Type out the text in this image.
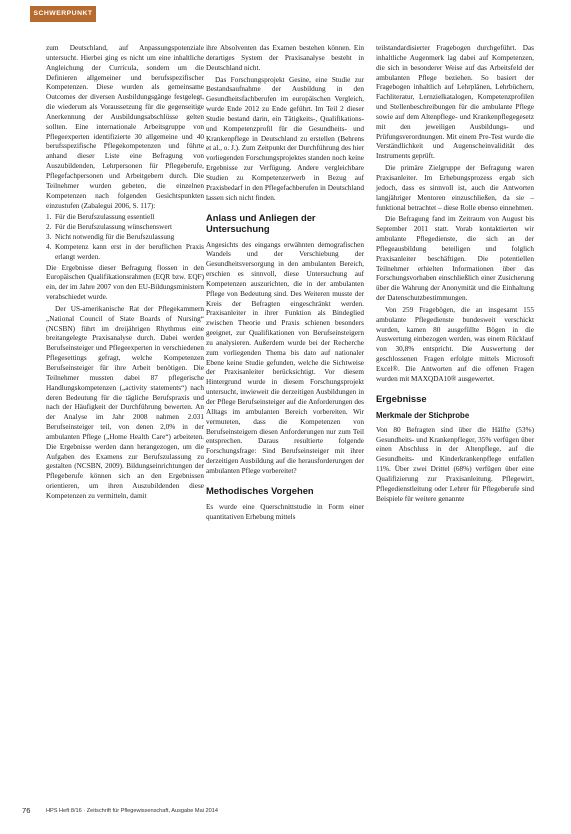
SCHWERPUNKT

zum Deutschland, auf Anpassungspotenziale untersucht. Hierbei ging es nicht um eine inhaltliche Angleichung der Curricula, sondern um die Definieren allgemeiner und berufsspezifischer Kompetenzen. Diese wurden als gemeinsame Outcomes der diversen Ausbildungsgänge festgelegt, die wiederum als Voraussetzung für die gegenseitige Anerkennung der Ausbildungsabschlüsse gelten sollten. Eine internationale Arbeitsgruppe von Pflegeexperten identifizierte 30 allgemeine und 40 berufsspezifische Pflegekompetenzen und führte anhand dieser Liste eine Befragung von Auszubildenden, Lehrpersonen für Pflegeberufe, Pflegefachpersonen und Arbeitgebern durch. Die Teilnehmer wurden gebeten, die einzelnen Kompetenzen nach folgenden Gesichtspunkten einzustufen (Zabalegui 2006, S. 117):

1. Für die Berufszulassung essentiell
2. Für die Berufszulassung wünschenswert
3. Nicht notwendig für die Berufszulassung
4. Kompetenz kann erst in der beruflichen Praxis erlangt werden.

Die Ergebnisse dieser Befragung flossen in den Europäischen Qualifikationsrahmen (EQR bzw. EQF) ein, der im Jahre 2007 von den EU-Bildungsministern verabschiedet wurde.

Der US-amerikanische Rat der Pflegekammern „National Council of State Boards of Nursing“ (NCSBN) führt im dreijährigen Rhythmus eine breitangelegte Praxisanalyse durch. Dabei werden Berufseinsteiger und Pflegeexperten in verschiedenen Pflegesettings gefragt, welche Kompetenzen Berufseinsteiger für ihre Arbeit benötigen. Die Teilnehmer mussten dabei 87 pflegerische Handlungskompetenzen („activity statements“) nach deren Bedeutung für die tägliche Berufspraxis und nach der Häufigkeit der Durchführung bewerten. An der Analyse im Jahr 2008 nahmen 2.031 Berufseinsteiger teil, von denen 2,0% in der ambulanten Pflege („Home Health Care“) arbeiteten. Die Ergebnisse werden dann herangezogen, um die Aufgaben des Examens zur Berufszulassung zu gestalten (NCSBN, 2009). Bildungseinrichtungen der Pflegeberufe können sich an den Ergebnissen orientieren, um ihren Auszubildenden diese Kompetenzen zu vermitteln, damit

ihre Absolventen das Examen bestehen können. Ein derartiges System der Praxisanalyse besteht in Deutschland nicht.

Das Forschungsprojekt Gesine, eine Studie zur Bestandsaufnahme der Ausbildung in den Gesundheitsfachberufen im europäischen Vergleich, wurde Ende 2012 zu Ende geführt. Im Teil 2 dieser Studie bestand darin, ein Tätigkeits-, Qualifikations- und Kompetenzprofil für die Gesundheits- und Krankenpflege in Deutschland zu erstellen (Behrens et al., o. J.). Zum Zeitpunkt der Durchführung des hier vorliegenden Forschungsprojektes standen noch keine Ergebnisse zur Verfügung. Andere vergleichbare Studien zu Kompetenzerwerb in Bezug auf Praxisbedarf in den Pflegefachberufen in Deutschland lassen sich nicht finden.

Anlass und Anliegen der Untersuchung

Angesichts des eingangs erwähnten demografischen Wandels und der Verschiebung der Gesundheitsversorgung in den ambulanten Bereich, erschien es sinnvoll, diese Untersuchung auf Kompetenzen auszurichten, die in der ambulanten Pflege von Bedeutung sind. Des Weiteren musste der Kreis der Befragten eingeschränkt werden. Praxisanleiter in ihrer Funktion als Bindeglied zwischen Theorie und Praxis schienen besonders geeignet, zur Qualifikationen von Berufseinsteigern zu analysieren. Außerdem wurde bei der Recherche zum vorliegenden Thema bis dato auf nationaler Ebene keine Studie gefunden, welche die Sichtweise der Praxisanleiter berücksichtigt. Vor diesem Hintergrund wurde in diesem Forschungsprojekt untersucht, inwieweit die derzeitigen Ausbildungen in der Pflege Berufseinsteiger auf die Anforderungen des Alltags im ambulanten Bereich vorbereiten. Wir vermuteten, dass die Kompetenzen von Berufseinsteigern diesen Anforderungen nur zum Teil entsprechen. Daraus resultierte folgende Forschungsfrage: Sind Berufseinsteiger mit ihrer derzeitigen Ausbildung auf die herausforderungen der ambulanten Pflege vorbereitet?

Methodisches Vorgehen

Es wurde eine Querschnittstudie in Form einer quantitativen Erhebung mittels

teilstandardisierter Fragebogen durchgeführt. Das inhaltliche Augenmerk lag dabei auf Kompetenzen, die sich in besonderer Weise auf das Arbeitsfeld der ambulanten Pflege beziehen. So basiert der Fragebogen inhaltlich auf Lehrplänen, Lehrbüchern, Fachliteratur, Lernzielkatalogen, Kompetenzprofilen und Stellenbeschreibungen für die ambulante Pflege sowie auf dem Altenpflege- und Krankenpflegegesetz mit den jeweiligen Ausbildungs- und Prüfungsverordnungen. Mit einem Pre-Test wurde die Verständlichkeit und Augenscheinvalidität des Instruments geprüft.

Die primäre Zielgruppe der Befragung waren Praxisanleiter. Im Erhebungsprozess ergab sich jedoch, dass es sinnvoll ist, auch die Antworten langjähriger Mentoren einzuschließen, da sie – funktional betrachtet – diese Rolle ebenso einnehmen.

Die Befragung fand im Zeitraum von August bis September 2011 statt. Vorab kontaktierten wir ambulante Pflegedienste, die sich an der Pflegeausbildung beteiligen und folglich Praxisanleiter beschäftigen. Die potentiellen Teilnehmer erhielten Informationen über das Forschungsvorhaben einschließlich einer Zusicherung über die Wahrung der Anonymität und die Einhaltung der Datenschutzbestimmungen.

Von 259 Fragebögen, die an insgesamt 155 ambulante Pflegedienste bundesweit verschickt wurden, kamen 80 ausgefüllte Bögen in die Auswertung einbezogen werden, was einem Rücklauf von 30,8% entspricht. Die Auswertung der geschlossenen Fragen erfolgte mittels Microsoft Excel®. Die Antworten auf die offenen Fragen wurden mit MAXQDA10® ausgewertet.

Ergebnisse
Merkmale der Stichprobe

Von 80 Befragten sind über die Hälfte (53%) Gesundheits- und Krankenpfleger, 35% verfügen über einen Abschluss in der Altenpflege, auf die Gesundheits- und Kinderkrankenpflege entfallen 11%. Über zwei Drittel (68%) verfügen über eine Qualifizierung zur Praxisanleitung. Pflegewirt, Pflegedienstleitung oder Lehrer für Pflegeberufe sind Beispiele für weitere genannte

76	HPS Heft 8/16 · Zeitschrift für Pflegewissenschaft, Ausgabe Mai 2014
